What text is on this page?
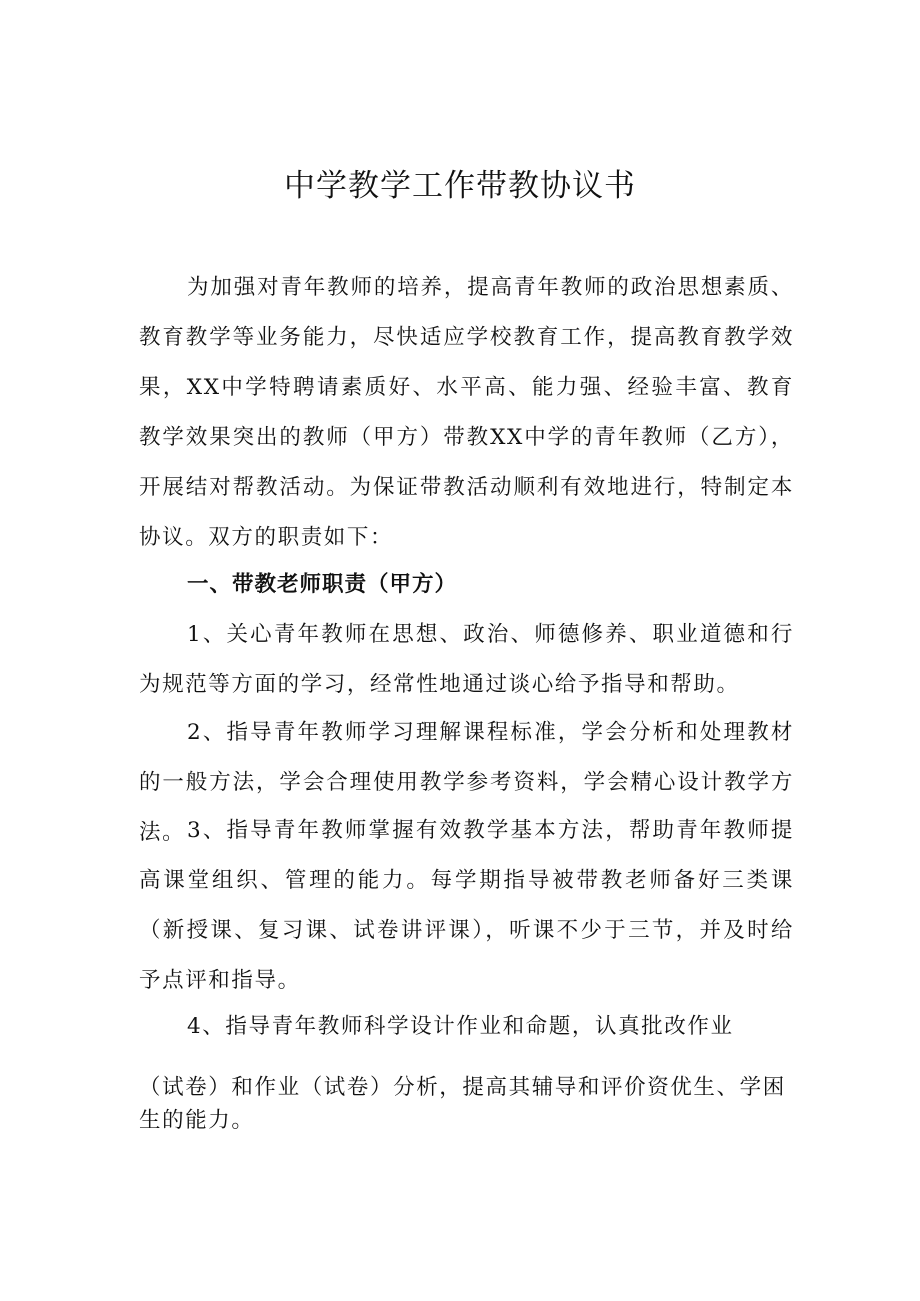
中学教学工作带教协议书

为加强对青年教师的培养，提高青年教师的政治思想素质、教育教学等业务能力，尽快适应学校教育工作，提高教育教学效果，XX中学特聘请素质好、水平高、能力强、经验丰富、教育教学效果突出的教师（甲方）带教XX中学的青年教师（乙方），开展结对帮教活动。为保证带教活动顺利有效地进行，特制定本协议。双方的职责如下：

一、带教老师职责（甲方）

1、关心青年教师在思想、政治、师德修养、职业道德和行为规范等方面的学习，经常性地通过谈心给予指导和帮助。

2、指导青年教师学习理解课程标准，学会分析和处理教材的一般方法，学会合理使用教学参考资料，学会精心设计教学方法。 3、指导青年教师掌握有效教学基本方法，帮助青年教师提高课堂组织、管理的能力。每学期指导被带教老师备好三类课（新授课、复习课、试卷讲评课），听课不少于三节，并及时给予点评和指导。

4、指导青年教师科学设计作业和命题，认真批改作业

（试卷）和作业（试卷）分析，提高其辅导和评价资优生、学困

生的能力。
